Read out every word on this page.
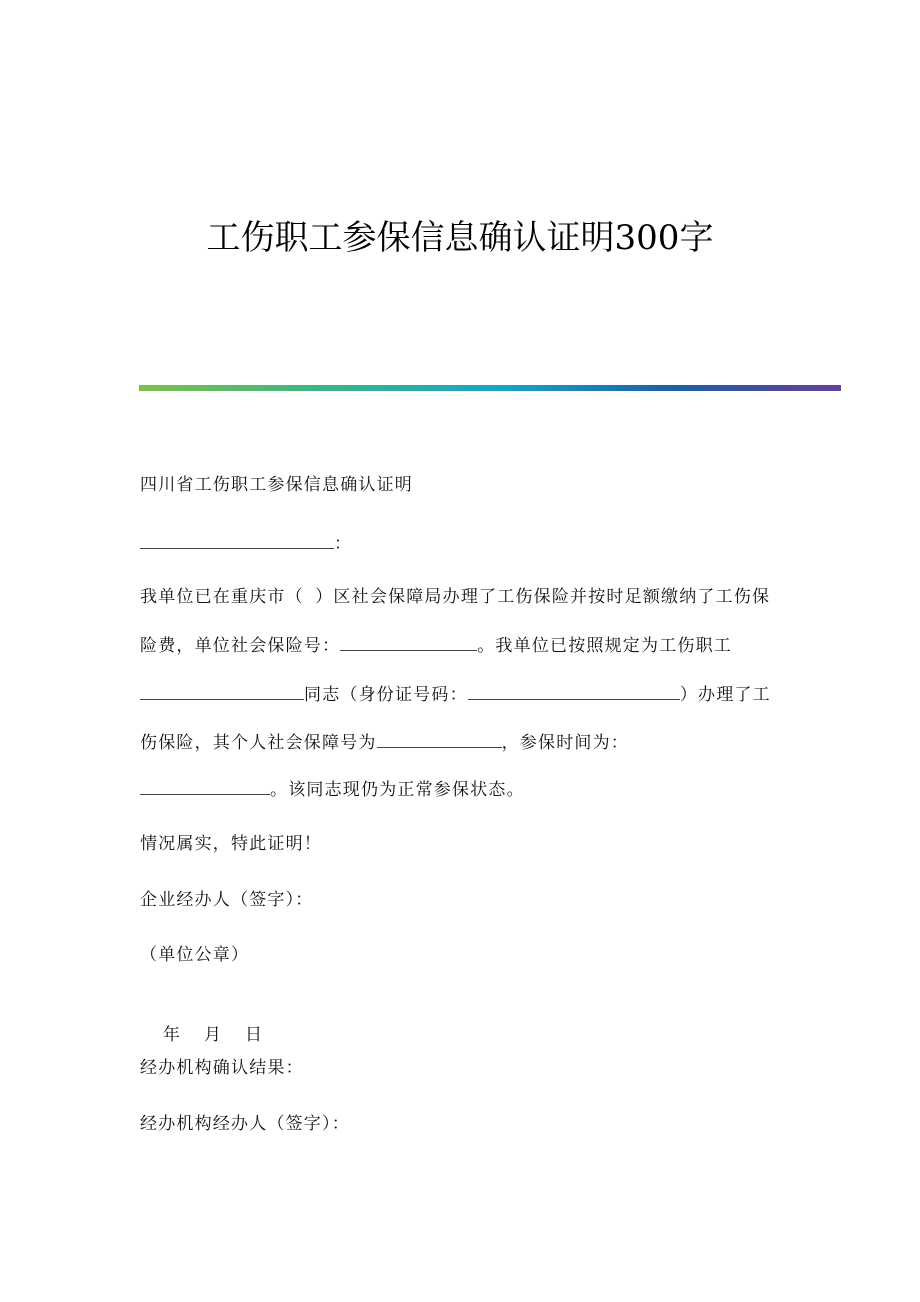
工伤职工参保信息确认证明300字
四川省工伤职工参保信息确认证明
：
我单位已在重庆市（ ）区社会保障局办理了工伤保险并按时足额缴纳了工伤保
险费，单位社会保险号：	。我单位已按照规定为工伤职工
同志（身份证号码：	）办理了工
伤保险，其个人社会保障号为	，参保时间为：
。该同志现仍为正常参保状态。
情况属实，特此证明！
企业经办人（签字）：
（单位公章）

年  月  日

经办机构确认结果：
经办机构经办人（签字）：
